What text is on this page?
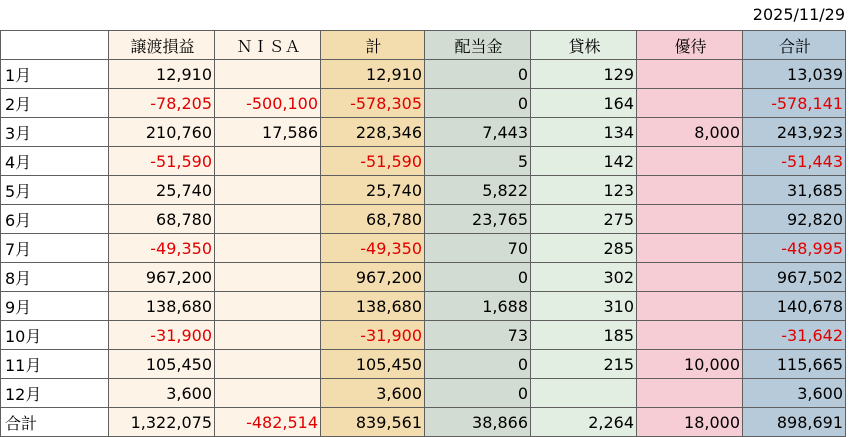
2025/11/29
	譲渡損益	ＮＩＳＡ	計	配当金	貸株	優待	合計
1月	12,910		12,910	0	129		13,039
2月	-78,205	-500,100	-578,305	0	164		-578,141
3月	210,760	17,586	228,346	7,443	134	8,000	243,923
4月	-51,590		-51,590	5	142		-51,443
5月	25,740		25,740	5,822	123		31,685
6月	68,780		68,780	23,765	275		92,820
7月	-49,350		-49,350	70	285		-48,995
8月	967,200		967,200	0	302		967,502
9月	138,680		138,680	1,688	310		140,678
10月	-31,900		-31,900	73	185		-31,642
11月	105,450		105,450	0	215	10,000	115,665
12月	3,600		3,600	0			3,600
合計	1,322,075	-482,514	839,561	38,866	2,264	18,000	898,691
